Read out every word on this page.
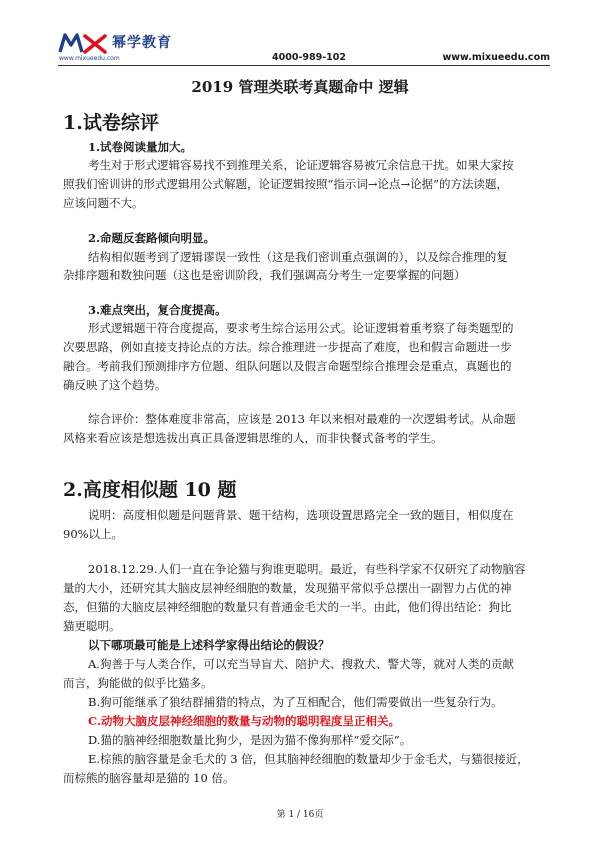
幂学教育
www.mixueedu.com	4000-989-102	www.mixueedu.com
2019 管理类联考真题命中 逻辑
1.试卷综评
1.试卷阅读量加大。
考生对于形式逻辑容易找不到推理关系，论证逻辑容易被冗余信息干扰。如果大家按
照我们密训讲的形式逻辑用公式解题，论证逻辑按照“指示词→论点→论据”的方法读题，
应该问题不大。
2.命题反套路倾向明显。
结构相似题考到了逻辑谬误一致性（这是我们密训重点强调的），以及综合推理的复
杂排序题和数独问题（这也是密训阶段，我们强调高分考生一定要掌握的问题）
3.难点突出，复合度提高。
形式逻辑题干符合度提高，要求考生综合运用公式。论证逻辑着重考察了每类题型的
次要思路，例如直接支持论点的方法。综合推理进一步提高了难度，也和假言命题进一步
融合。考前我们预测排序方位题、组队问题以及假言命题型综合推理会是重点，真题也的
确反映了这个趋势。
综合评价：整体难度非常高，应该是 2013 年以来相对最难的一次逻辑考试。从命题
风格来看应该是想选拔出真正具备逻辑思维的人，而非快餐式备考的学生。
2.高度相似题 10 题
说明：高度相似题是问题背景、题干结构，选项设置思路完全一致的题目，相似度在
90%以上。
2018.12.29.人们一直在争论猫与狗谁更聪明。最近，有些科学家不仅研究了动物脑容
量的大小，还研究其大脑皮层神经细胞的数量，发现猫平常似乎总摆出一副智力占优的神
态，但猫的大脑皮层神经细胞的数量只有普通金毛犬的一半。由此，他们得出结论：狗比
猫更聪明。
以下哪项最可能是上述科学家得出结论的假设？
A.狗善于与人类合作，可以充当导盲犬、陪护犬、搜救犬、警犬等，就对人类的贡献
而言，狗能做的似乎比猫多。
B.狗可能继承了狼结群捕猎的特点，为了互相配合，他们需要做出一些复杂行为。
C.动物大脑皮层神经细胞的数量与动物的聪明程度呈正相关。
D.猫的脑神经细胞数量比狗少，是因为猫不像狗那样“爱交际”。
E.棕熊的脑容量是金毛犬的 3 倍，但其脑神经细胞的数量却少于金毛犬，与猫很接近，
而棕熊的脑容量却是猫的 10 倍。
第 1 / 16页
